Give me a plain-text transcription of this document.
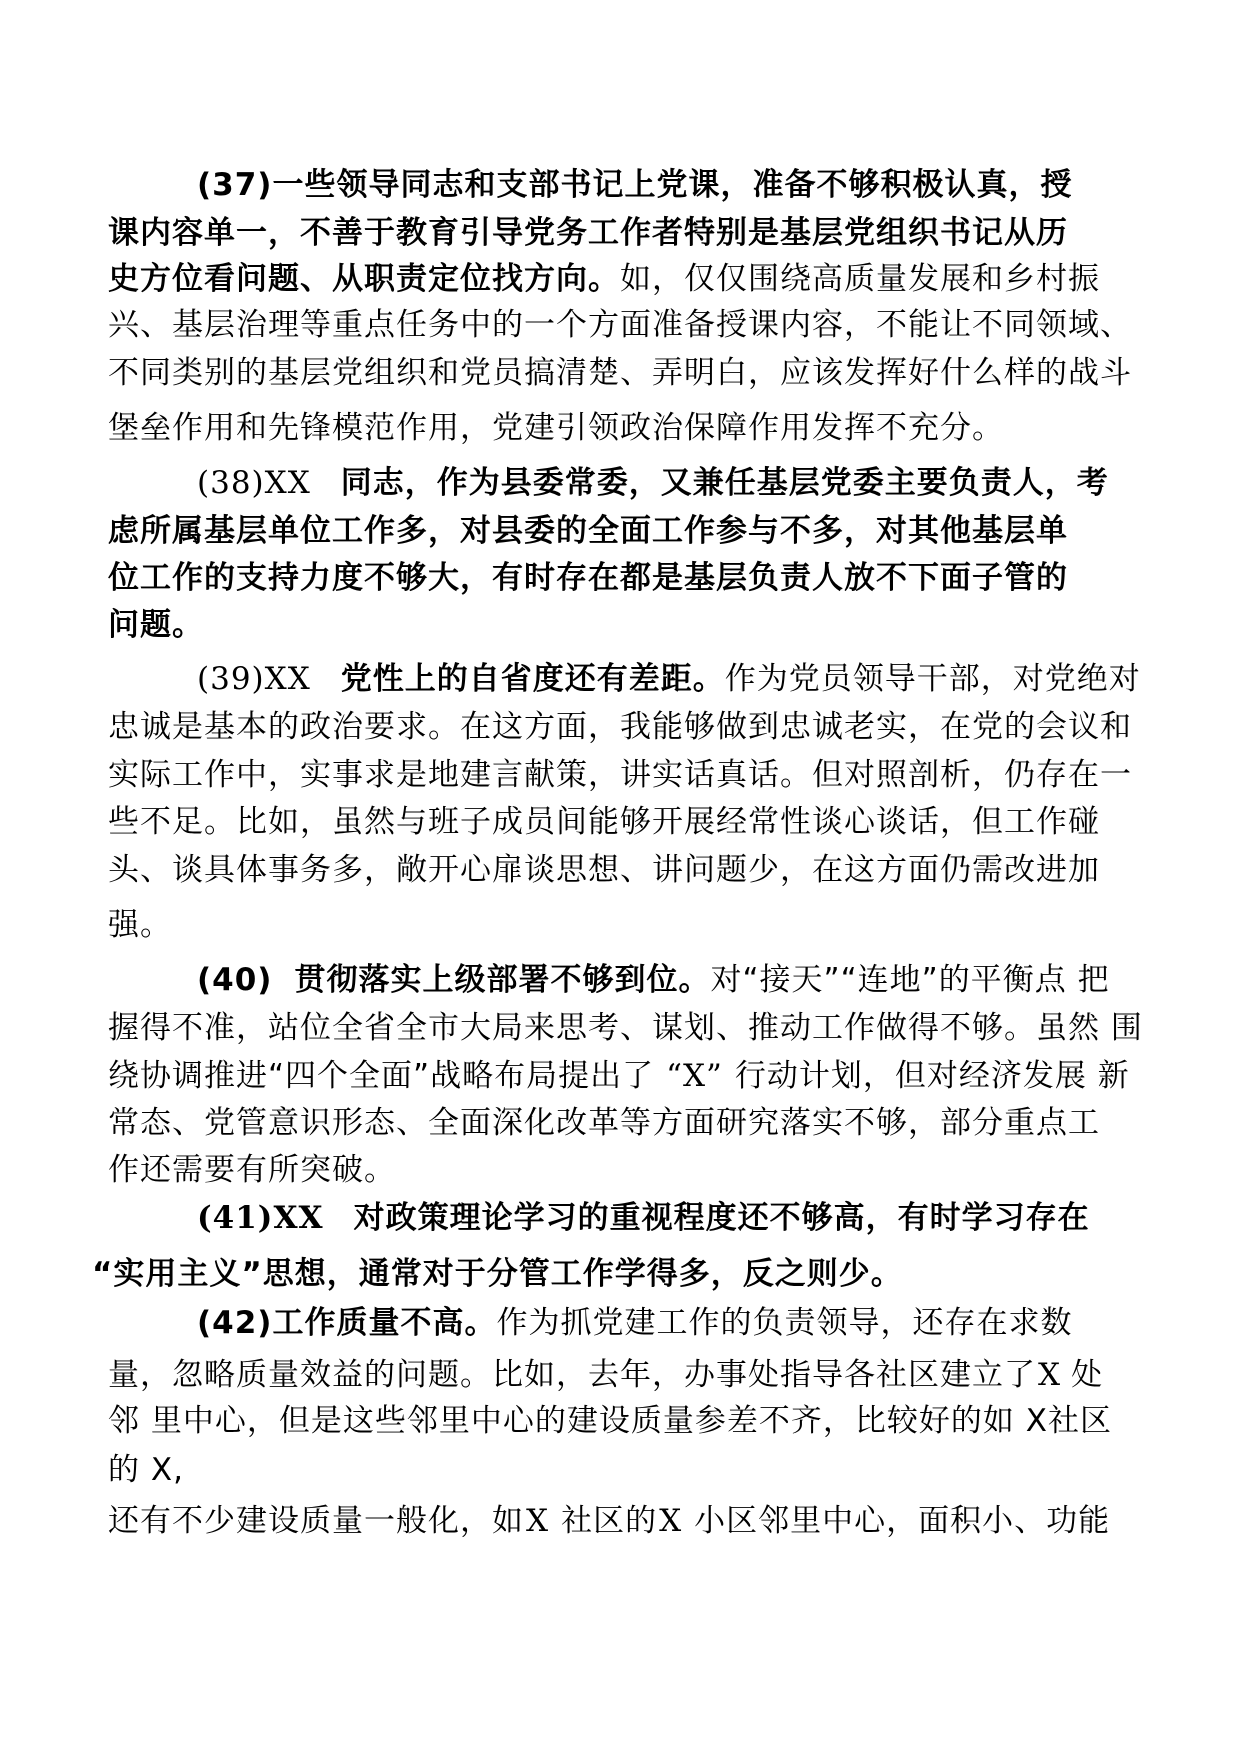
(37)一些领导同志和支部书记上党课，准备不够积极认真，授
课内容单一，不善于教育引导党务工作者特别是基层党组织书记从历
史方位看问题、从职责定位找方向。如，仅仅围绕高质量发展和乡村振
兴、基层治理等重点任务中的一个方面准备授课内容，不能让不同领域、
不同类别的基层党组织和党员搞清楚、弄明白，应该发挥好什么样的战斗
堡垒作用和先锋模范作用，党建引领政治保障作用发挥不充分。
(38)XX 同志，作为县委常委，又兼任基层党委主要负责人，考
虑所属基层单位工作多，对县委的全面工作参与不多，对其他基层单
位工作的支持力度不够大，有时存在都是基层负责人放不下面子管的
问题。
(39)XX 党性上的自省度还有差距。作为党员领导干部，对党绝对
忠诚是基本的政治要求。在这方面，我能够做到忠诚老实，在党的会议和
实际工作中，实事求是地建言献策，讲实话真话。但对照剖析，仍存在一
些不足。比如，虽然与班子成员间能够开展经常性谈心谈话，但工作碰
头、谈具体事务多，敞开心扉谈思想、讲问题少，在这方面仍需改进加
强。
(40) 贯彻落实上级部署不够到位。对“接天”“连地”的平衡点 把
握得不准，站位全省全市大局来思考、谋划、推动工作做得不够。虽然 围
绕协调推进“四个全面”战略布局提出了 “X” 行动计划，但对经济发展 新
常态、党管意识形态、全面深化改革等方面研究落实不够，部分重点工
作还需要有所突破。
(41)XX 对政策理论学习的重视程度还不够高，有时学习存在
“实用主义”思想，通常对于分管工作学得多，反之则少。
(42)工作质量不高。作为抓党建工作的负责领导，还存在求数
量，忽略质量效益的问题。比如，去年，办事处指导各社区建立了X 处
邻 里中心，但是这些邻里中心的建设质量参差不齐，比较好的如 X社区
的 X,
还有不少建设质量一般化，如X 社区的X 小区邻里中心，面积小、功能
